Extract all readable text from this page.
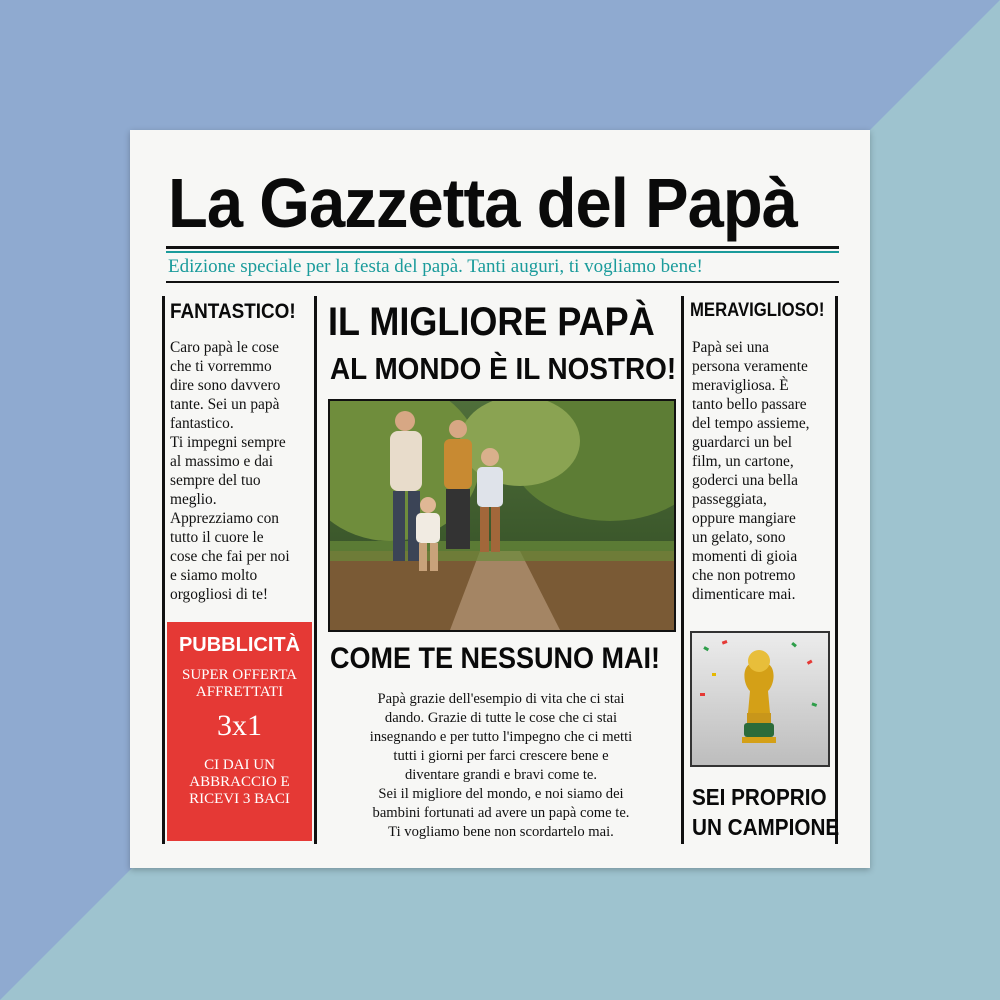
La Gazzetta del Papà
Edizione speciale per la festa del papà. Tanti auguri, ti vogliamo bene!
FANTASTICO!
Caro papà le cose
che ti vorremmo
dire sono davvero
tante. Sei un papà
fantastico.
Ti impegni sempre
al massimo e dai
sempre del tuo
meglio.
Apprezziamo con
tutto il cuore le
cose che fai per noi
e siamo molto
orgogliosi di te!
PUBBLICITÀ
SUPER OFFERTA
AFFRETTATI
3x1
CI DAI UN
ABBRACCIO E
RICEVI 3 BACI
IL MIGLIORE PAPÀ
AL MONDO È IL NOSTRO!
COME TE NESSUNO MAI!
Papà grazie dell'esempio di vita che ci stai
dando. Grazie di tutte le cose che ci stai
insegnando e per tutto l'impegno che ci metti
tutti i giorni per farci crescere bene e
diventare grandi e bravi come te.
Sei il migliore del mondo, e noi siamo dei
bambini fortunati ad avere un papà come te.
Ti vogliamo bene non scordartelo mai.
MERAVIGLIOSO!
Papà sei una
persona veramente
meravigliosa. È
tanto bello passare
del tempo assieme,
guardarci un bel
film, un cartone,
goderci una bella
passeggiata,
oppure mangiare
un gelato, sono
momenti di gioia
che non potremo
dimenticare mai.
SEI PROPRIO
UN CAMPIONE
